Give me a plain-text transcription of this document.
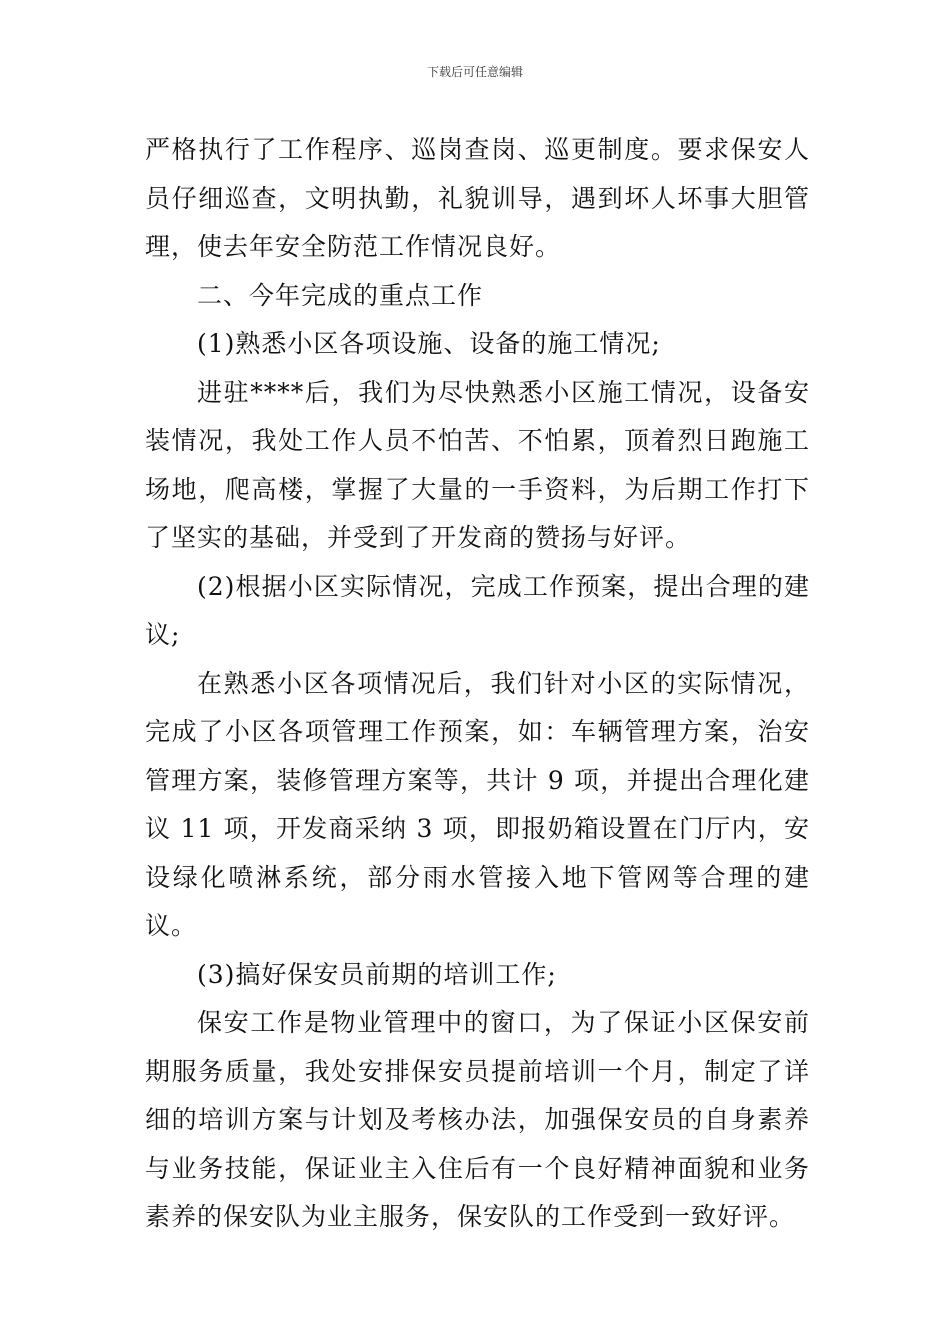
下载后可任意编辑

严格执行了工作程序、巡岗查岗、巡更制度。要求保安人员仔细巡查，文明执勤，礼貌训导，遇到坏人坏事大胆管理，使去年安全防范工作情况良好。

二、今年完成的重点工作

(1)熟悉小区各项设施、设备的施工情况;

进驻****后，我们为尽快熟悉小区施工情况，设备安装情况，我处工作人员不怕苦、不怕累，顶着烈日跑施工场地，爬高楼，掌握了大量的一手资料，为后期工作打下了坚实的基础，并受到了开发商的赞扬与好评。

(2)根据小区实际情况，完成工作预案，提出合理的建议;

在熟悉小区各项情况后，我们针对小区的实际情况，完成了小区各项管理工作预案，如：车辆管理方案，治安管理方案，装修管理方案等，共计 9 项，并提出合理化建议 11 项，开发商采纳 3 项，即报奶箱设置在门厅内，安设绿化喷淋系统，部分雨水管接入地下管网等合理的建议。

(3)搞好保安员前期的培训工作;

保安工作是物业管理中的窗口，为了保证小区保安前期服务质量，我处安排保安员提前培训一个月，制定了详细的培训方案与计划及考核办法，加强保安员的自身素养与业务技能，保证业主入住后有一个良好精神面貌和业务素养的保安队为业主服务，保安队的工作受到一致好评。
